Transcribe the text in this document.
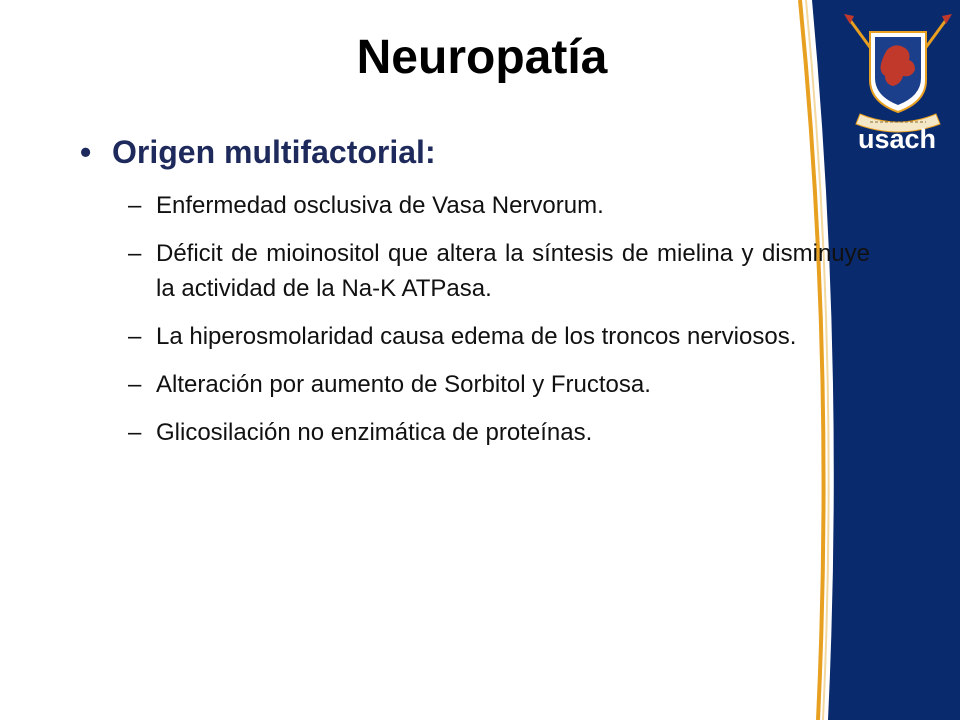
usach
Neuropatía
• Origen multifactorial:
– Enfermedad osclusiva de Vasa Nervorum.
– Déficit de mioinositol que altera la síntesis de mielina y disminuye la actividad de la Na-K ATPasa.
– La hiperosmolaridad causa edema de los troncos nerviosos.
– Alteración por aumento de Sorbitol y Fructosa.
– Glicosilación no enzimática de proteínas.
